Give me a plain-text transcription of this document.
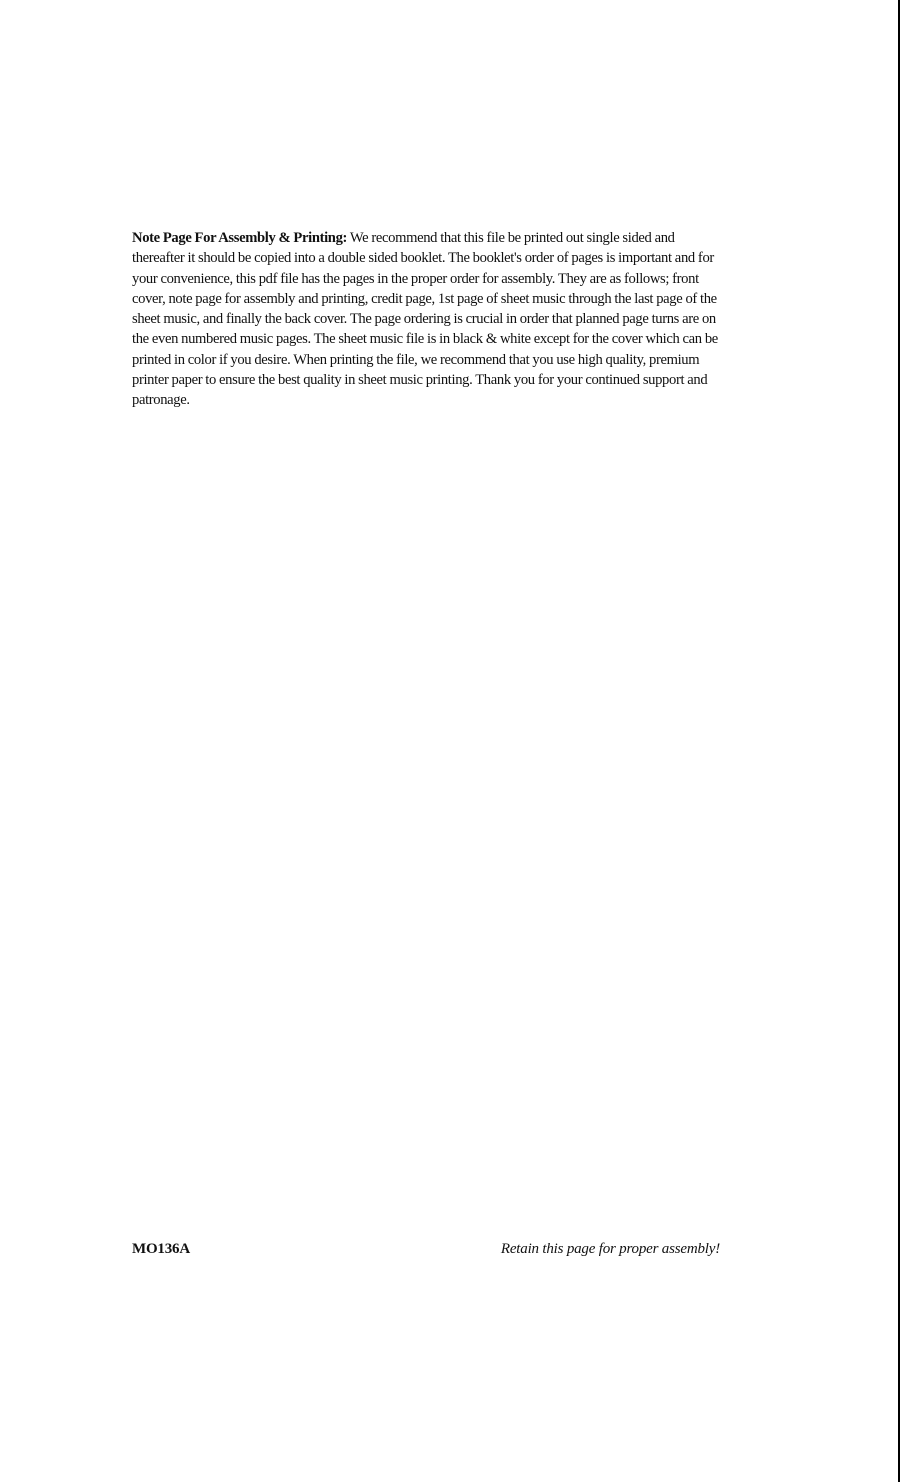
Note Page For Assembly & Printing: We recommend that this file be printed out single sided and thereafter it should be copied into a double sided booklet. The booklet's order of pages is important and for your convenience, this pdf file has the pages in the proper order for assembly. They are as follows; front cover, note page for assembly and printing, credit page, 1st page of sheet music through the last page of the sheet music, and finally the back cover. The page ordering is crucial in order that planned page turns are on the even numbered music pages. The sheet music file is in black & white except for the cover which can be printed in color if you desire. When printing the file, we recommend that you use high quality, premium printer paper to ensure the best quality in sheet music printing. Thank you for your continued support and patronage.

MO136A	Retain this page for proper assembly!
